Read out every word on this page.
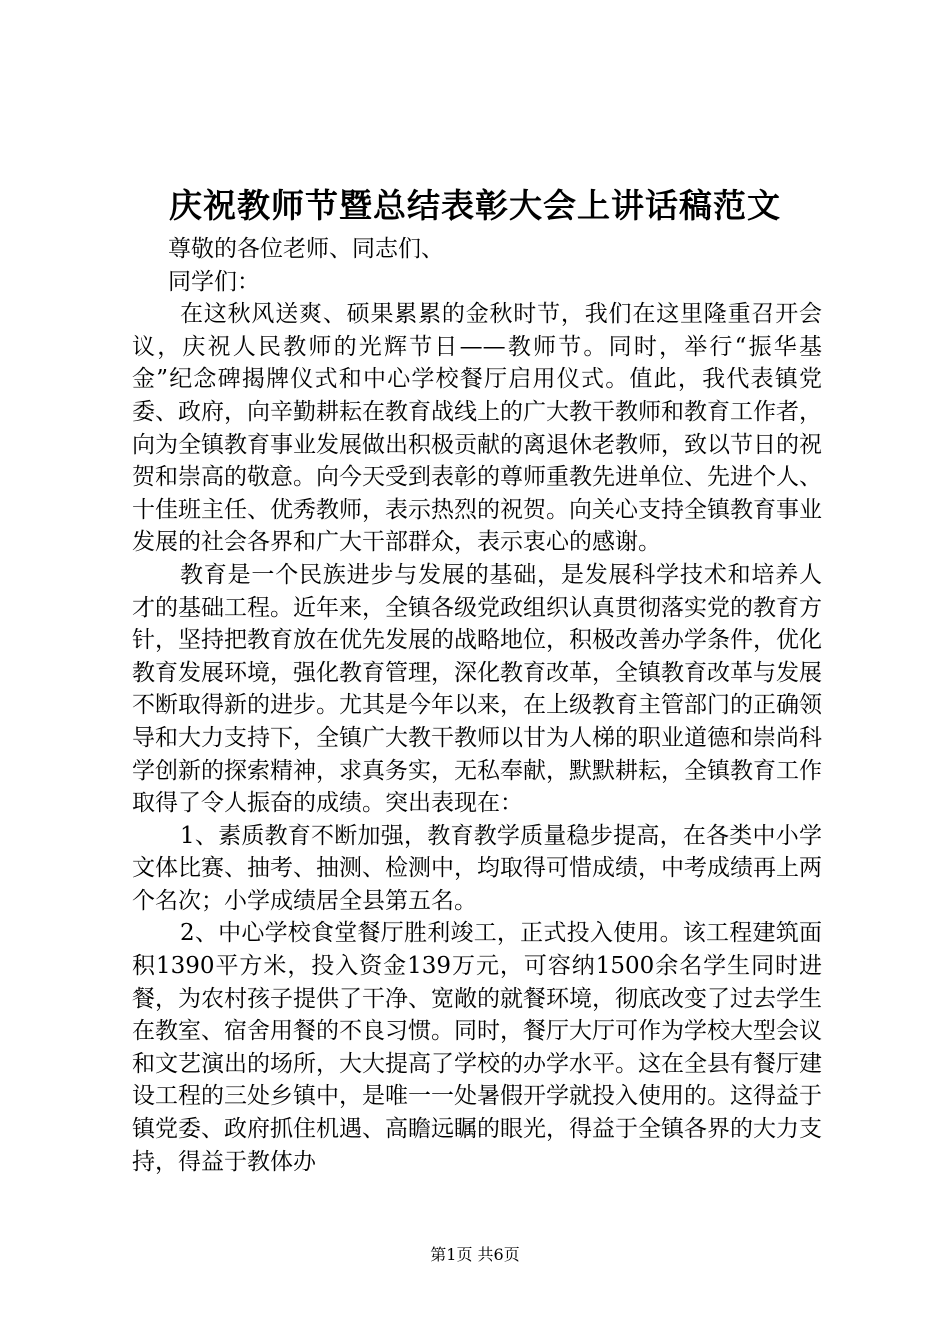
庆祝教师节暨总结表彰大会上讲话稿范文

尊敬的各位老师、同志们、

同学们：

在这秋风送爽、硕果累累的金秋时节，我们在这里隆重召开会议，庆祝人民教师的光辉节日——教师节。同时，举行“振华基金”纪念碑揭牌仪式和中心学校餐厅启用仪式。值此，我代表镇党委、政府，向辛勤耕耘在教育战线上的广大教干教师和教育工作者，向为全镇教育事业发展做出积极贡献的离退休老教师，致以节日的祝贺和崇高的敬意。向今天受到表彰的尊师重教先进单位、先进个人、十佳班主任、优秀教师，表示热烈的祝贺。向关心支持全镇教育事业发展的社会各界和广大干部群众，表示衷心的感谢。

教育是一个民族进步与发展的基础，是发展科学技术和培养人才的基础工程。近年来，全镇各级党政组织认真贯彻落实党的教育方针，坚持把教育放在优先发展的战略地位，积极改善办学条件，优化教育发展环境，强化教育管理，深化教育改革，全镇教育改革与发展不断取得新的进步。尤其是今年以来，在上级教育主管部门的正确领导和大力支持下，全镇广大教干教师以甘为人梯的职业道德和崇尚科学创新的探索精神，求真务实，无私奉献，默默耕耘，全镇教育工作取得了令人振奋的成绩。突出表现在：

1、素质教育不断加强，教育教学质量稳步提高，在各类中小学文体比赛、抽考、抽测、检测中，均取得可惜成绩，中考成绩再上两个名次；小学成绩居全县第五名。

2、中心学校食堂餐厅胜利竣工，正式投入使用。该工程建筑面积1390平方米，投入资金139万元，可容纳1500余名学生同时进餐，为农村孩子提供了干净、宽敞的就餐环境，彻底改变了过去学生在教室、宿舍用餐的不良习惯。同时，餐厅大厅可作为学校大型会议和文艺演出的场所，大大提高了学校的办学水平。这在全县有餐厅建设工程的三处乡镇中，是唯一一处暑假开学就投入使用的。这得益于镇党委、政府抓住机遇、高瞻远瞩的眼光，得益于全镇各界的大力支持，得益于教体办

第1页 共6页
